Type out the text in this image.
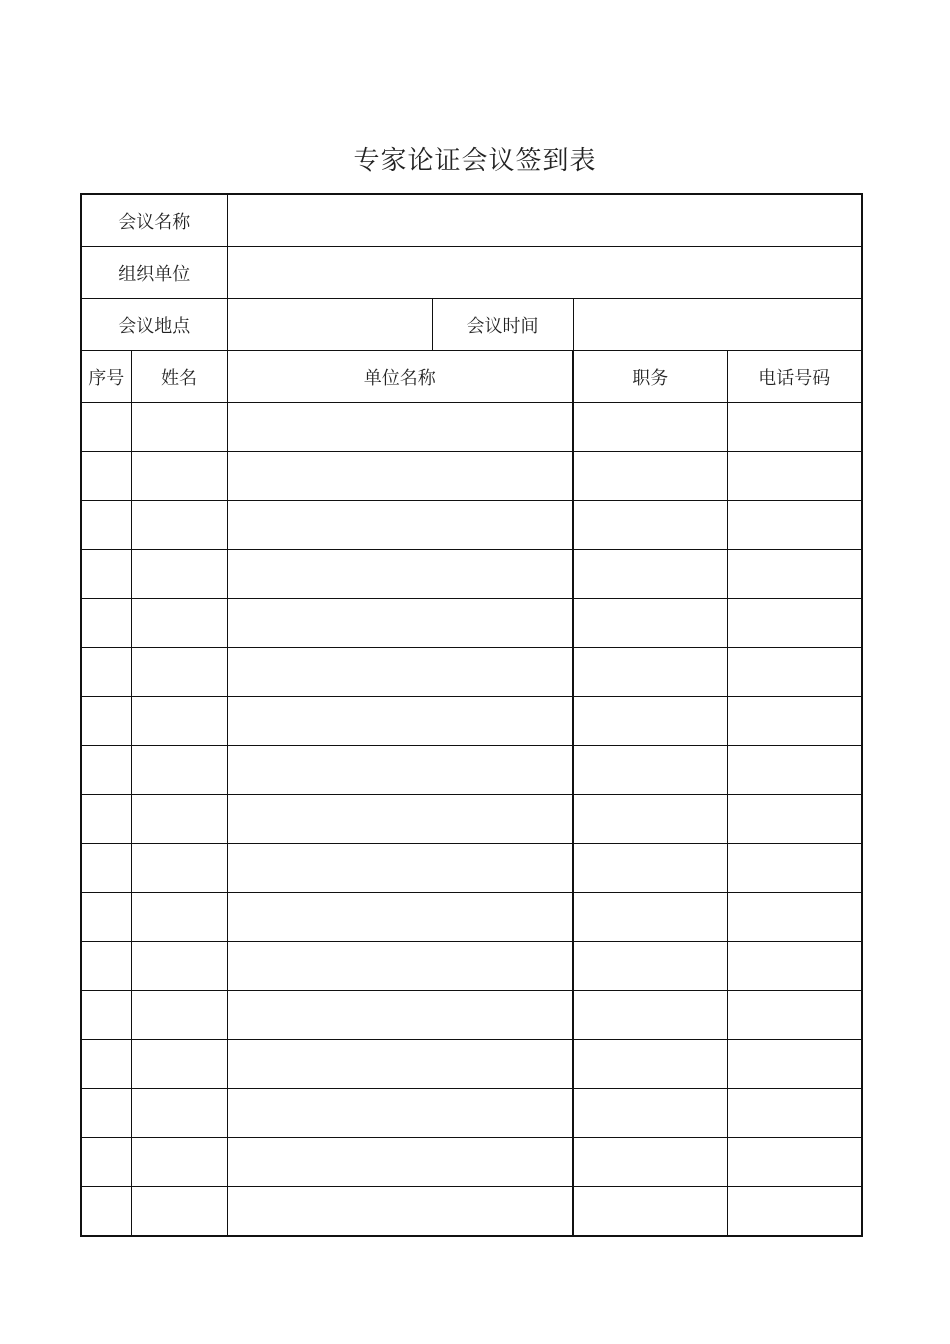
专家论证会议签到表
会议名称					
组织单位					
会议地点			会议时间		
序号	姓名	单位名称		职务	电话号码
